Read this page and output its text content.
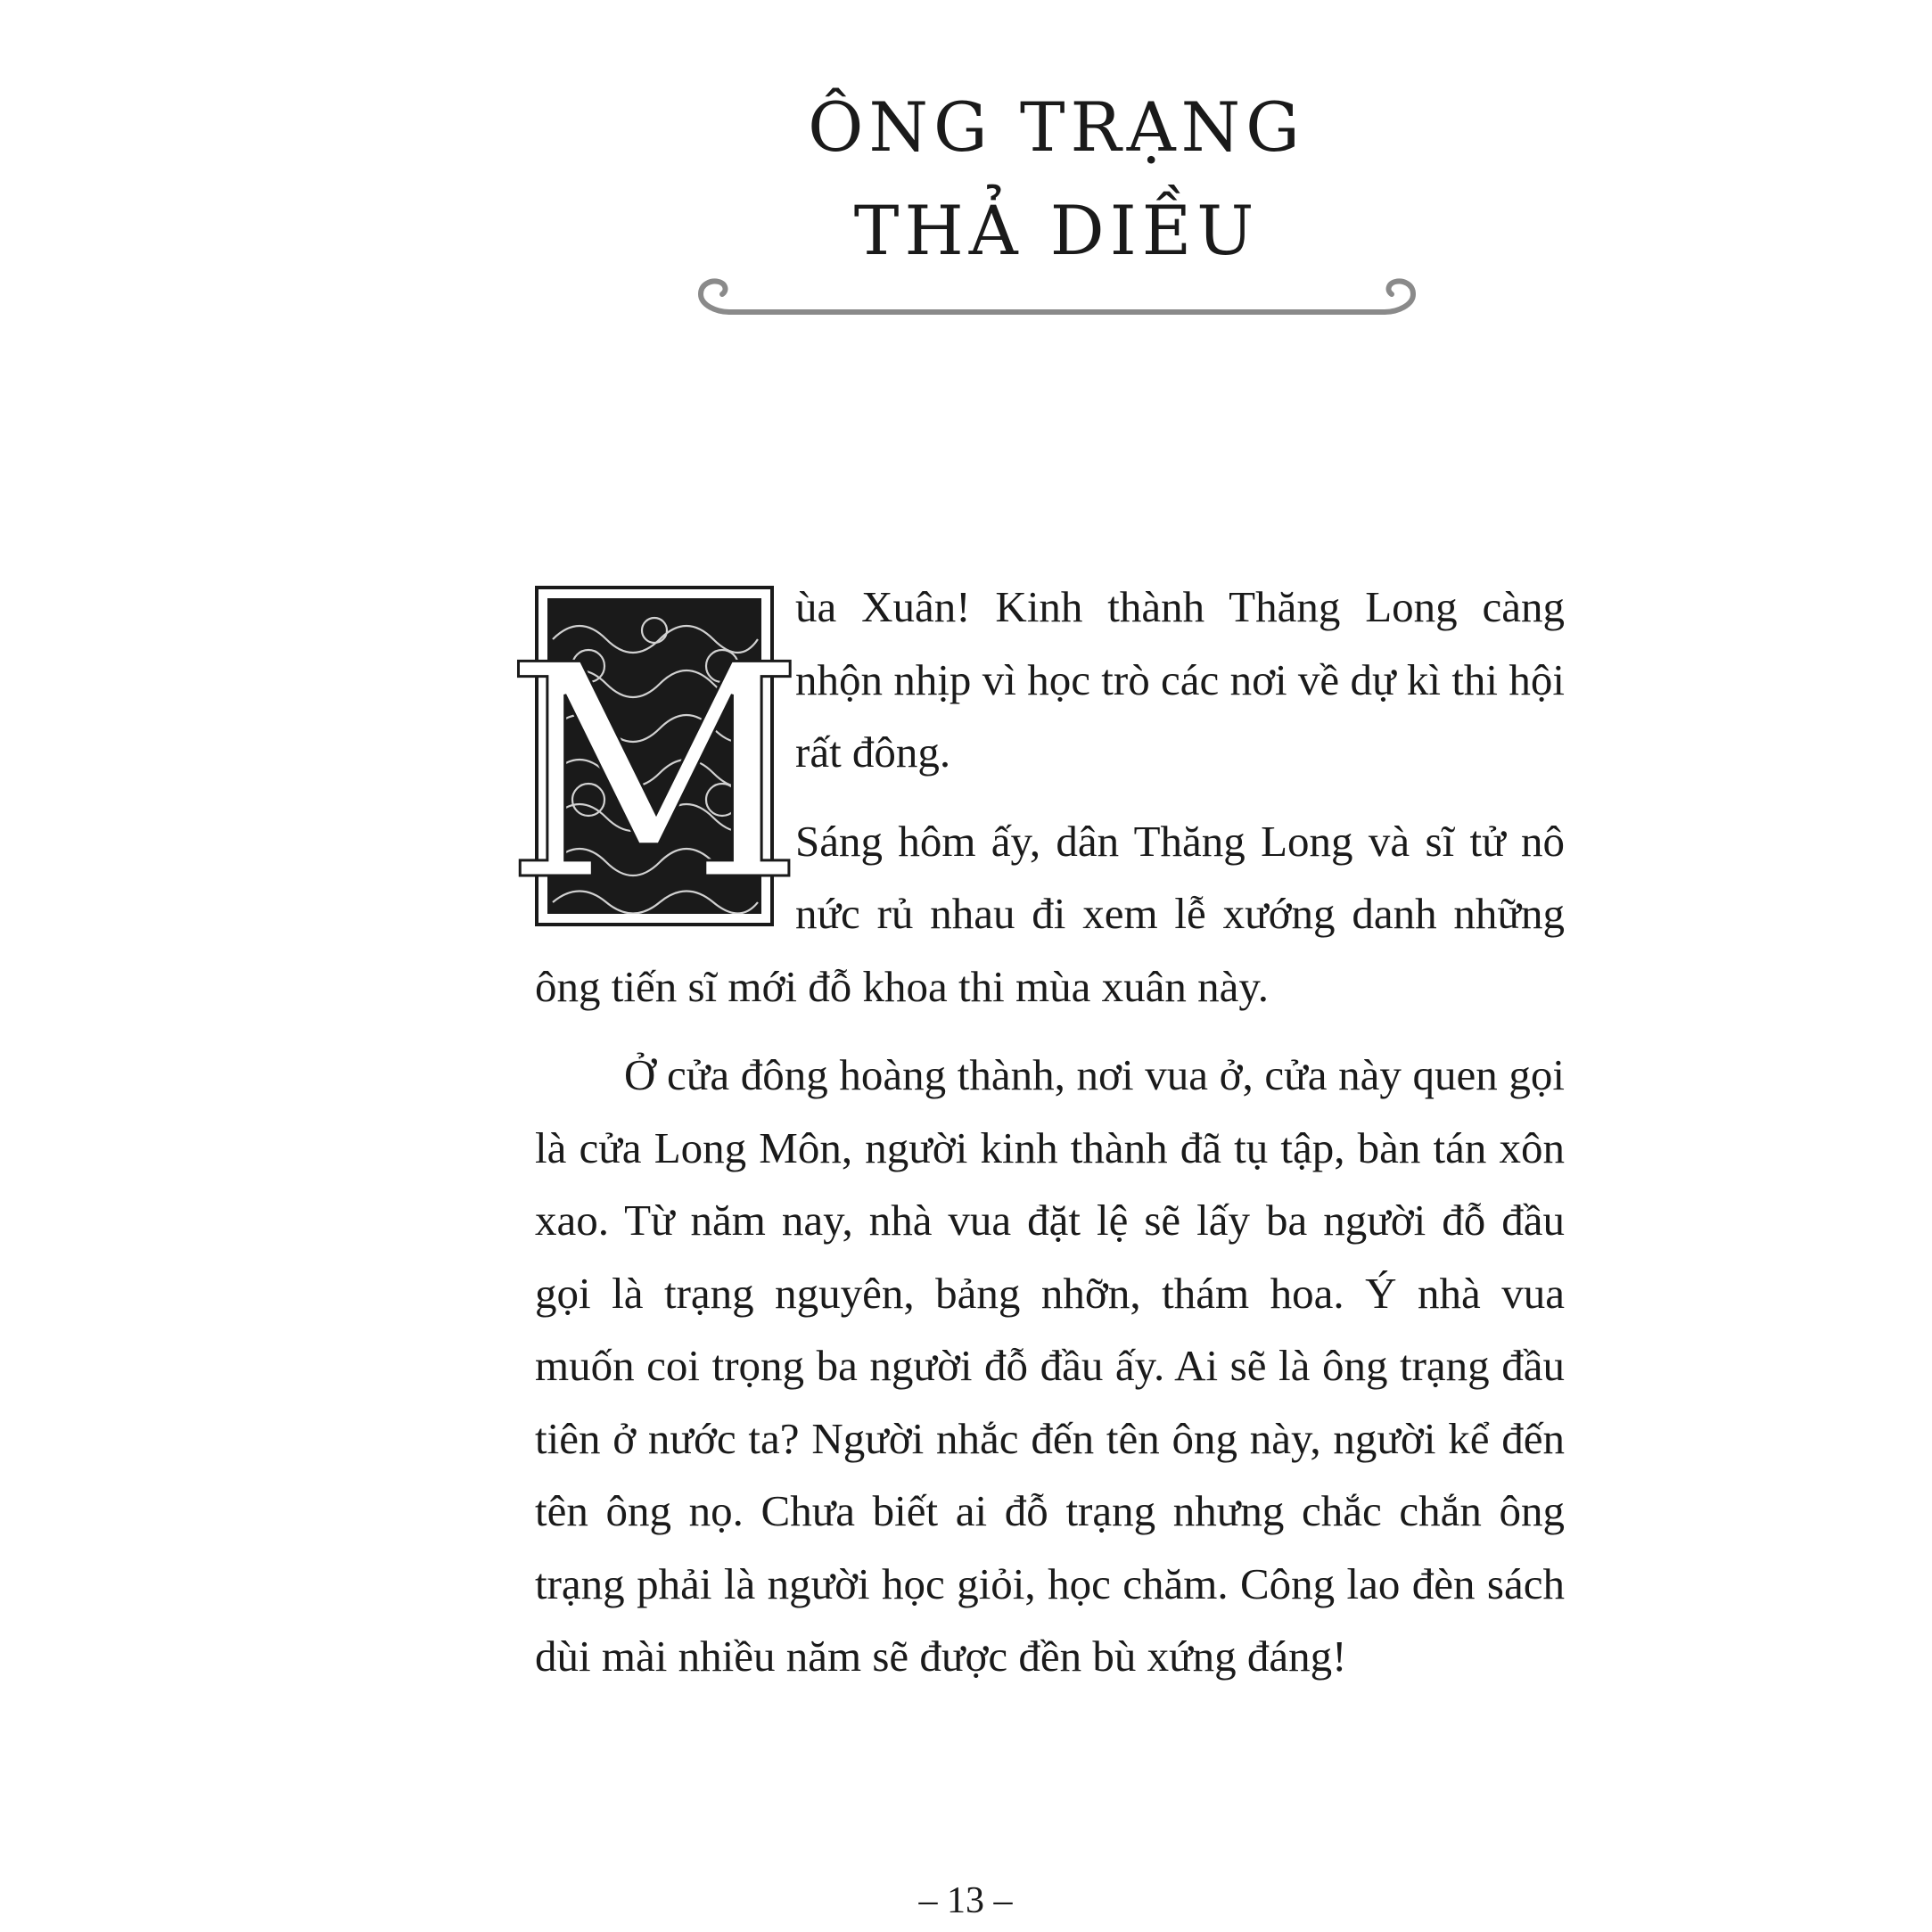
ÔNG TRẠNG
THẢ DIỀU
M

ùa Xuân! Kinh thành Thăng Long càng nhộn nhịp vì học trò các nơi về dự kì thi hội rất đông.

Sáng hôm ấy, dân Thăng Long và sĩ tử nô nức rủ nhau đi xem lễ xướng danh những ông tiến sĩ mới đỗ khoa thi mùa xuân này.

Ở cửa đông hoàng thành, nơi vua ở, cửa này quen gọi là cửa Long Môn, người kinh thành đã tụ tập, bàn tán xôn xao. Từ năm nay, nhà vua đặt lệ sẽ lấy ba người đỗ đầu gọi là trạng nguyên, bảng nhỡn, thám hoa. Ý nhà vua muốn coi trọng ba người đỗ đầu ấy. Ai sẽ là ông trạng đầu tiên ở nước ta? Người nhắc đến tên ông này, người kể đến tên ông nọ. Chưa biết ai đỗ trạng nhưng chắc chắn ông trạng phải là người học giỏi, học chăm. Công lao đèn sách dùi mài nhiều năm sẽ được đền bù xứng đáng!

– 13 –
